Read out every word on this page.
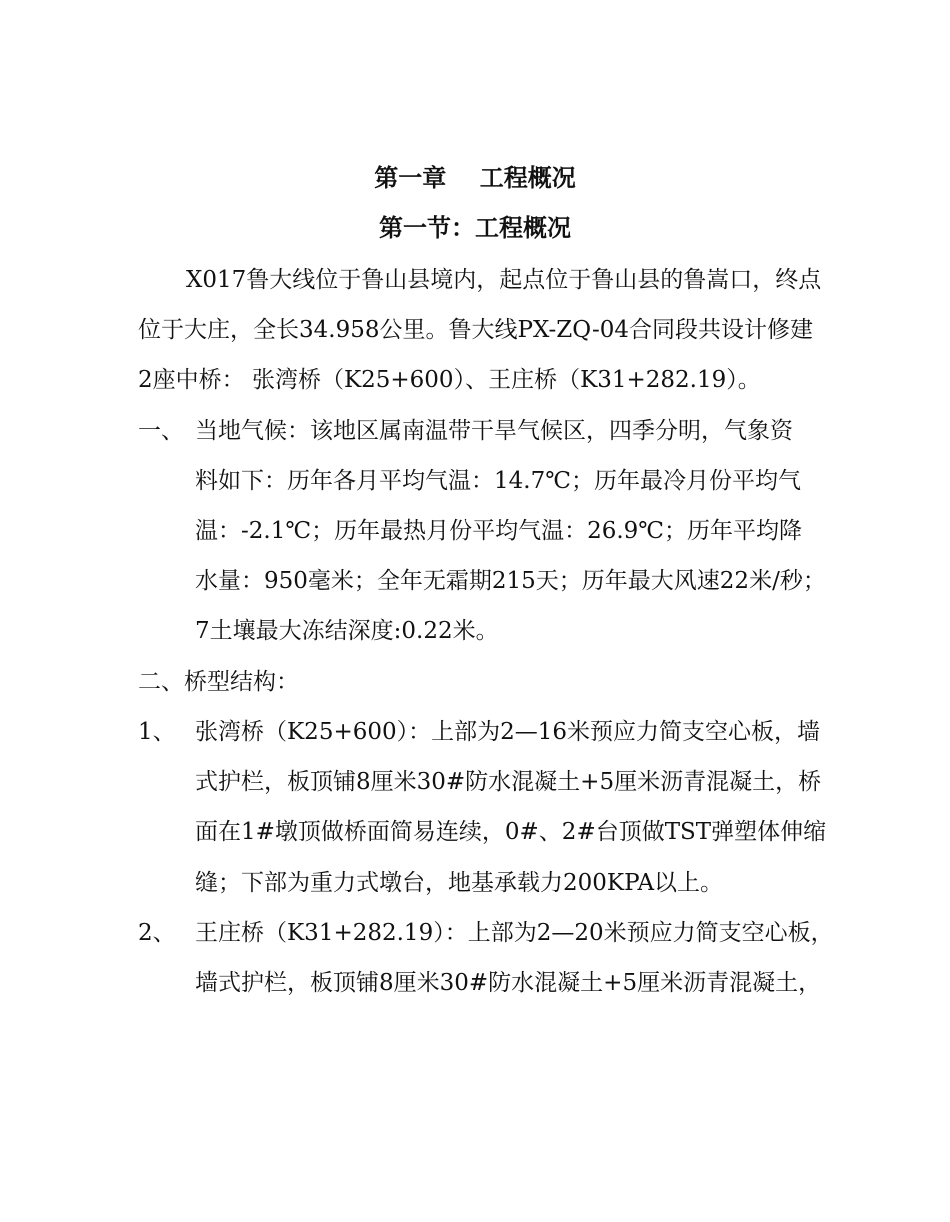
第一章    工程概况
第一节：工程概况
X017鲁大线位于鲁山县境内，起点位于鲁山县的鲁嵩口，终点
位于大庄，全长34.958公里。鲁大线PX-ZQ-04合同段共设计修建
2座中桥： 张湾桥（K25+600）、王庄桥（K31+282.19）。
一、 当地气候：该地区属南温带干旱气候区，四季分明，气象资
料如下：历年各月平均气温：14.7℃；历年最冷月份平均气
温：-2.1℃；历年最热月份平均气温：26.9℃；历年平均降
水量：950毫米；全年无霜期215天；历年最大风速22米/秒；
7土壤最大冻结深度:0.22米。
二、桥型结构：
1、 张湾桥（K25+600）：上部为2—16米预应力简支空心板，墙
式护栏，板顶铺8厘米30#防水混凝土+5厘米沥青混凝土，桥
面在1#墩顶做桥面简易连续，0#、2#台顶做TST弹塑体伸缩
缝；下部为重力式墩台，地基承载力200KPA以上。
2、 王庄桥（K31+282.19）：上部为2—20米预应力简支空心板，
墙式护栏，板顶铺8厘米30#防水混凝土+5厘米沥青混凝土，
